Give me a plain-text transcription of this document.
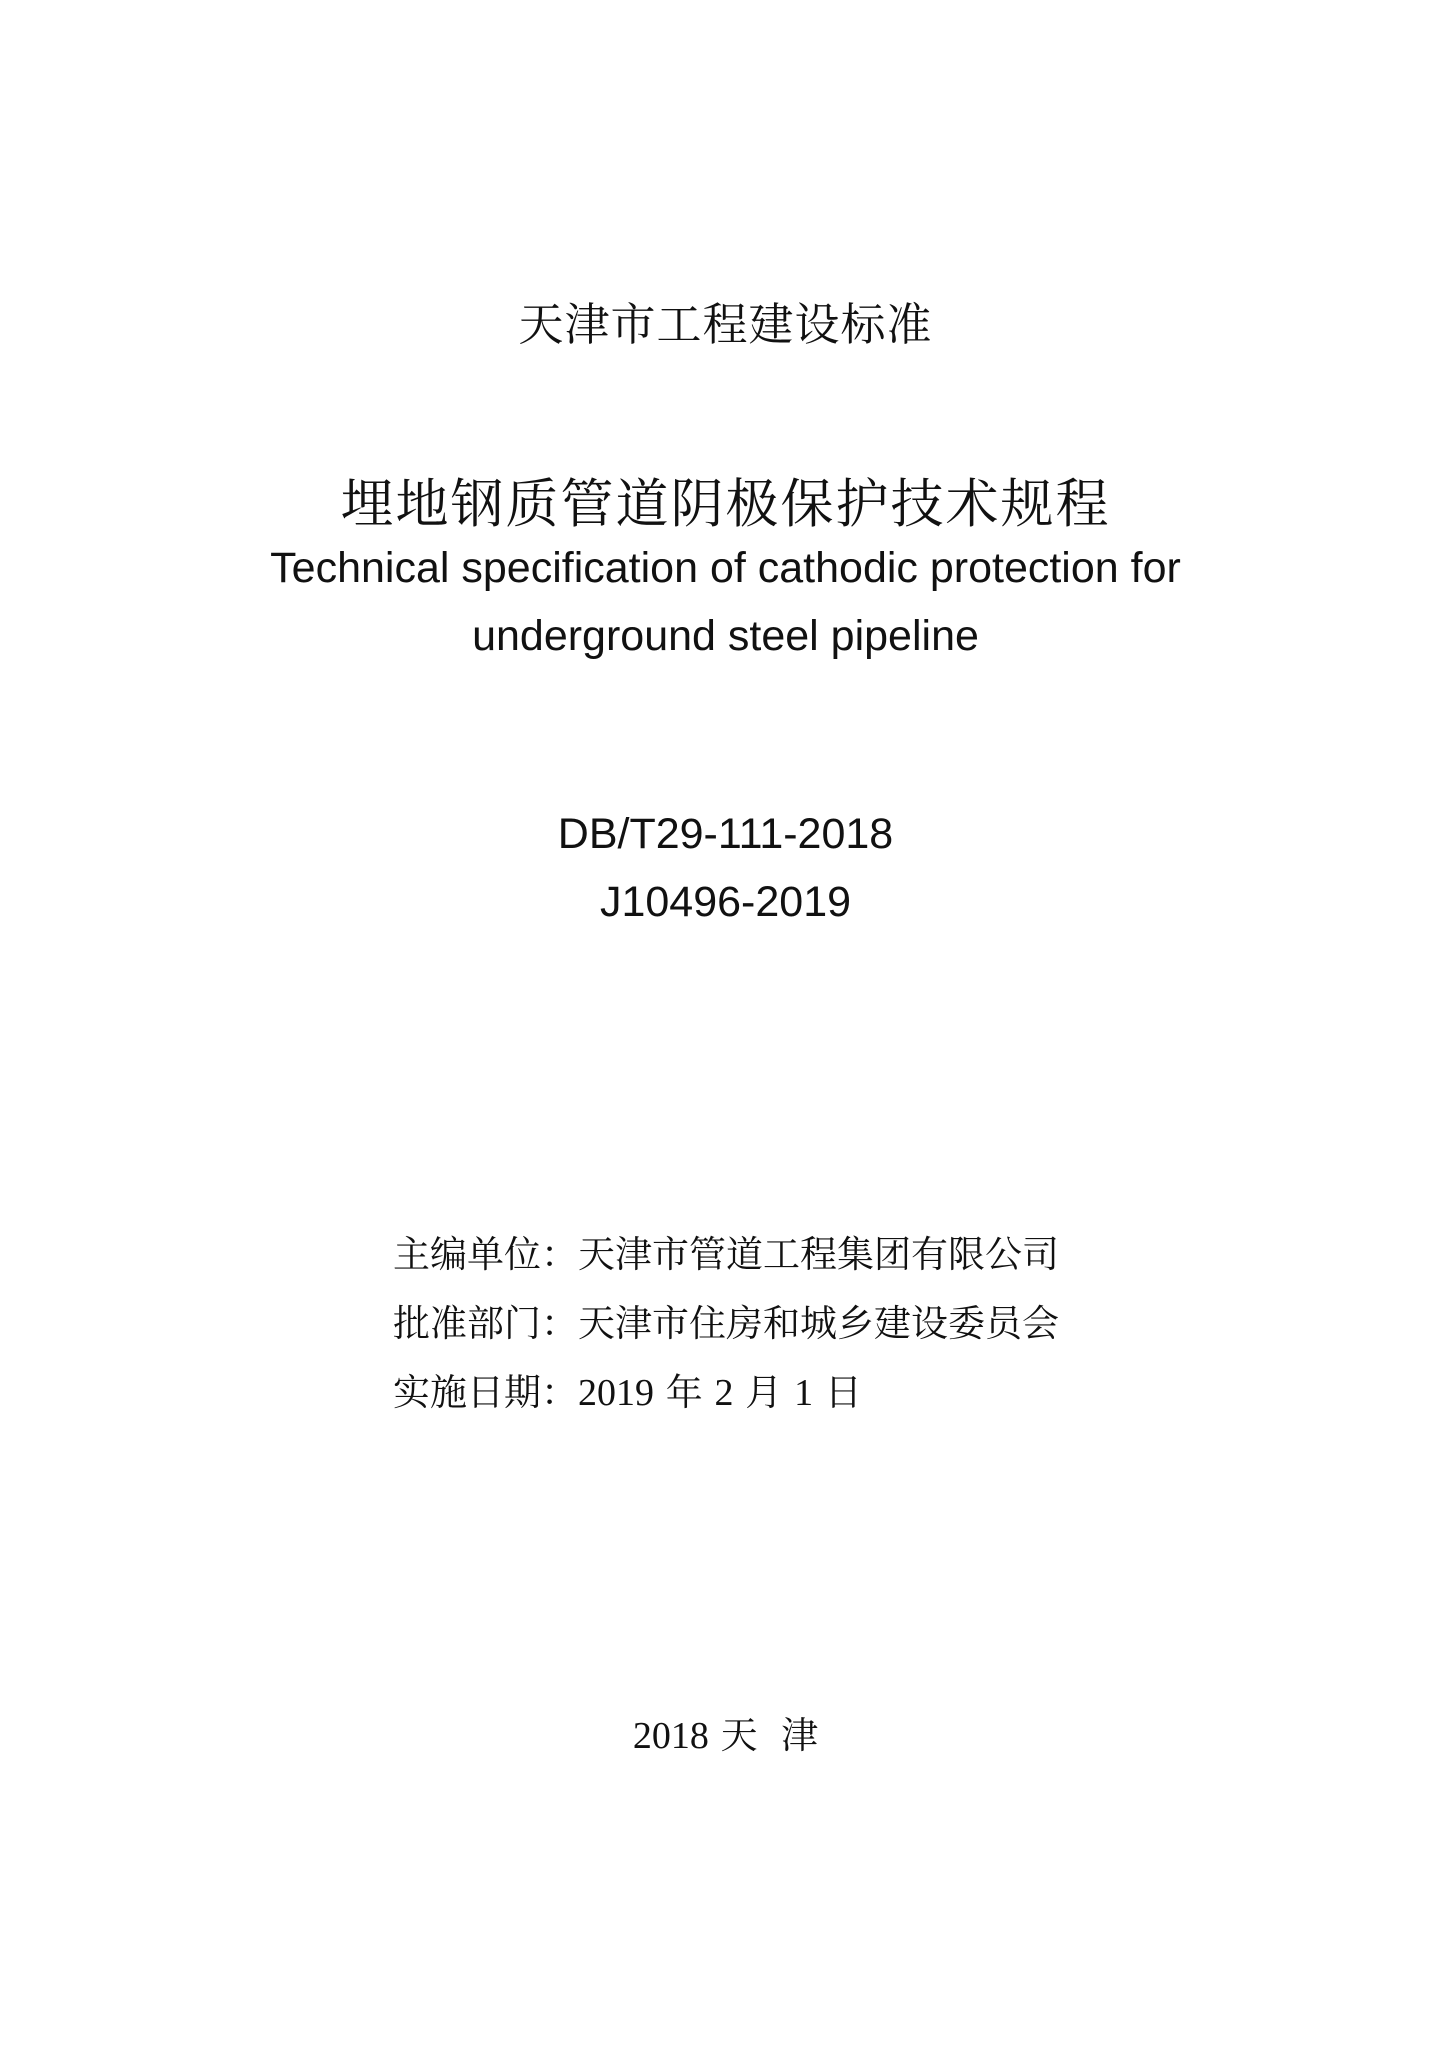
天津市工程建设标准
埋地钢质管道阴极保护技术规程
Technical specification of cathodic protection for
underground steel pipeline
DB/T29-111-2018
J10496-2019
主编单位：天津市管道工程集团有限公司
批准部门：天津市住房和城乡建设委员会
实施日期：2019 年 2 月 1 日
2018 天  津
